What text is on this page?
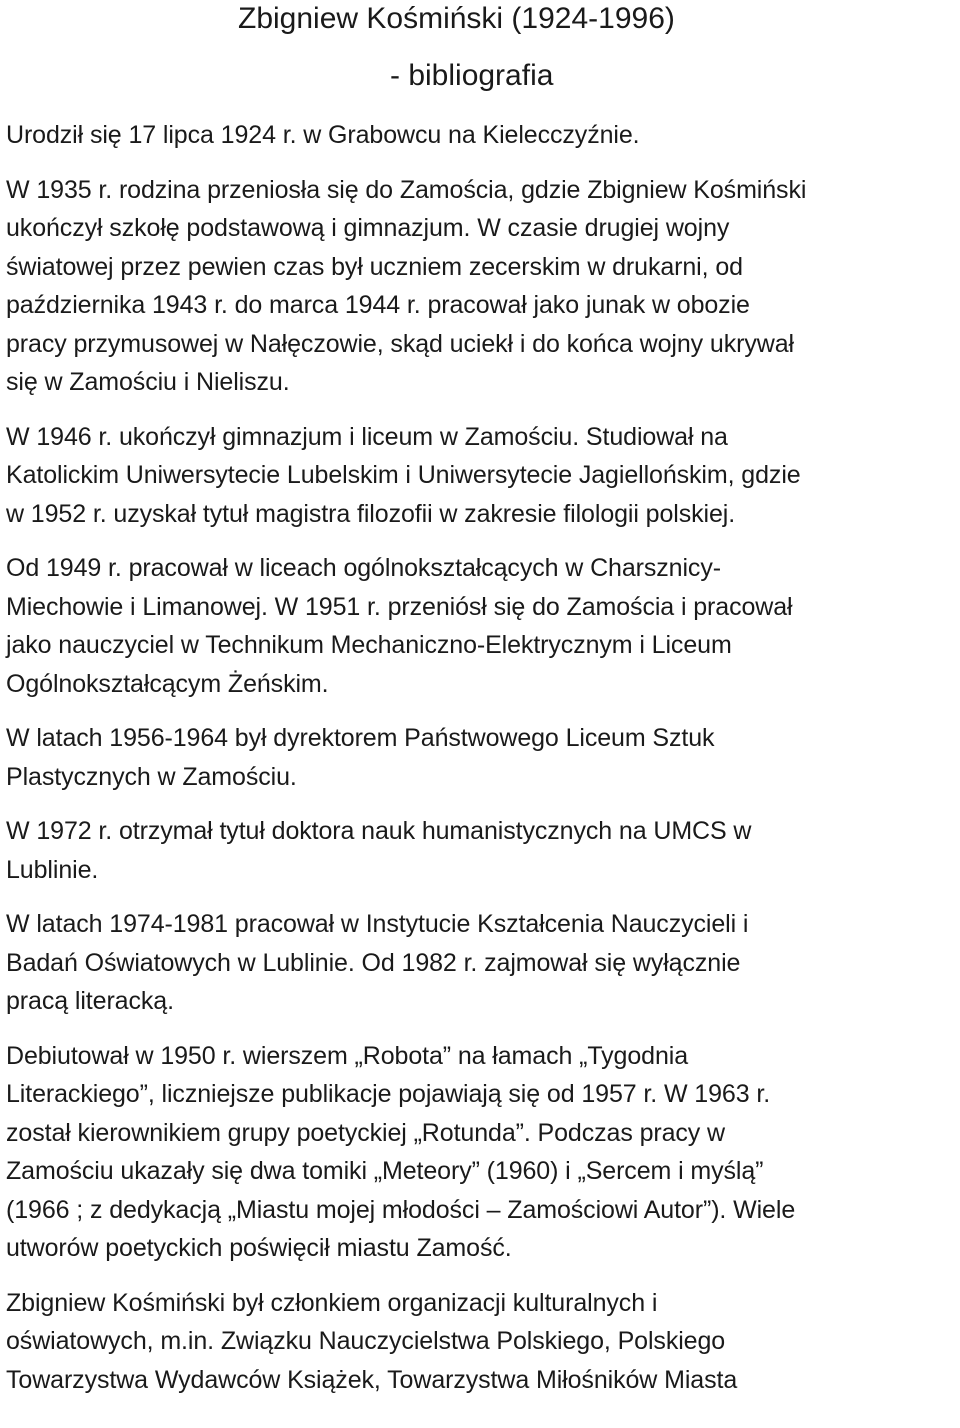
Zbigniew Kośmiński (1924-1996)
- bibliografia

Urodził się 17 lipca 1924 r. w Grabowcu na Kielecczyźnie.

W 1935 r. rodzina przeniosła się do Zamościa, gdzie Zbigniew Kośmiński
ukończył szkołę podstawową i gimnazjum. W czasie drugiej wojny
światowej przez pewien czas był uczniem zecerskim w drukarni, od
października 1943 r. do marca 1944 r. pracował jako junak w obozie
pracy przymusowej w Nałęczowie, skąd uciekł i do końca wojny ukrywał
się w Zamościu i Nieliszu.

W 1946 r. ukończył gimnazjum i liceum w Zamościu. Studiował na
Katolickim Uniwersytecie Lubelskim i Uniwersytecie Jagiellońskim, gdzie
w 1952 r. uzyskał tytuł magistra filozofii w zakresie filologii polskiej.

Od 1949 r. pracował w liceach ogólnokształcących w Charsznicy-
Miechowie i Limanowej. W 1951 r. przeniósł się do Zamościa i pracował
jako nauczyciel w Technikum Mechaniczno-Elektrycznym i Liceum
Ogólnokształcącym Żeńskim.

W latach 1956-1964 był dyrektorem Państwowego Liceum Sztuk
Plastycznych w Zamościu.

W 1972 r. otrzymał tytuł doktora nauk humanistycznych na UMCS w
Lublinie.

W latach 1974-1981 pracował w Instytucie Kształcenia Nauczycieli i
Badań Oświatowych w Lublinie. Od 1982 r. zajmował się wyłącznie
pracą literacką.

Debiutował w 1950 r. wierszem „Robota” na łamach „Tygodnia
Literackiego”, liczniejsze publikacje pojawiają się od 1957 r. W 1963 r.
został kierownikiem grupy poetyckiej „Rotunda”. Podczas pracy w
Zamościu ukazały się dwa tomiki „Meteory” (1960) i „Sercem i myślą”
(1966 ; z dedykacją „Miastu mojej młodości – Zamościowi Autor”). Wiele
utworów poetyckich poświęcił miastu Zamość.

Zbigniew Kośmiński był członkiem organizacji kulturalnych i
oświatowych, m.in. Związku Nauczycielstwa Polskiego, Polskiego
Towarzystwa Wydawców Książek, Towarzystwa Miłośników Miasta
